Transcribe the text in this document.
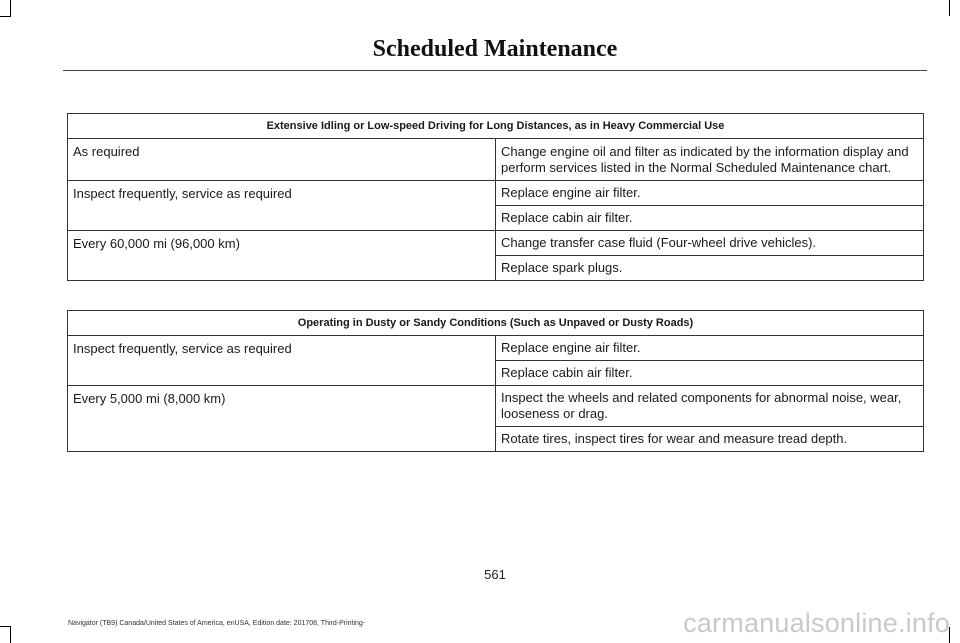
Scheduled Maintenance
Extensive Idling or Low-speed Driving for Long Distances, as in Heavy Commercial Use	
As required	Change engine oil and filter as indicated by the information display and perform services listed in the Normal Scheduled Maintenance chart.
Inspect frequently, service as required	Replace engine air filter.
	Replace cabin air filter.
Every 60,000 mi (96,000 km)	Change transfer case fluid (Four-wheel drive vehicles).
	Replace spark plugs.
Operating in Dusty or Sandy Conditions (Such as Unpaved or Dusty Roads)	
Inspect frequently, service as required	Replace engine air filter.
	Replace cabin air filter.
Every 5,000 mi (8,000 km)	Inspect the wheels and related components for abnormal noise, wear, looseness or drag.
	Rotate tires, inspect tires for wear and measure tread depth.
561
Navigator (TB9) Canada/United States of America, enUSA, Edition date: 201708, Third-Printing-	carmanualsonline.info
